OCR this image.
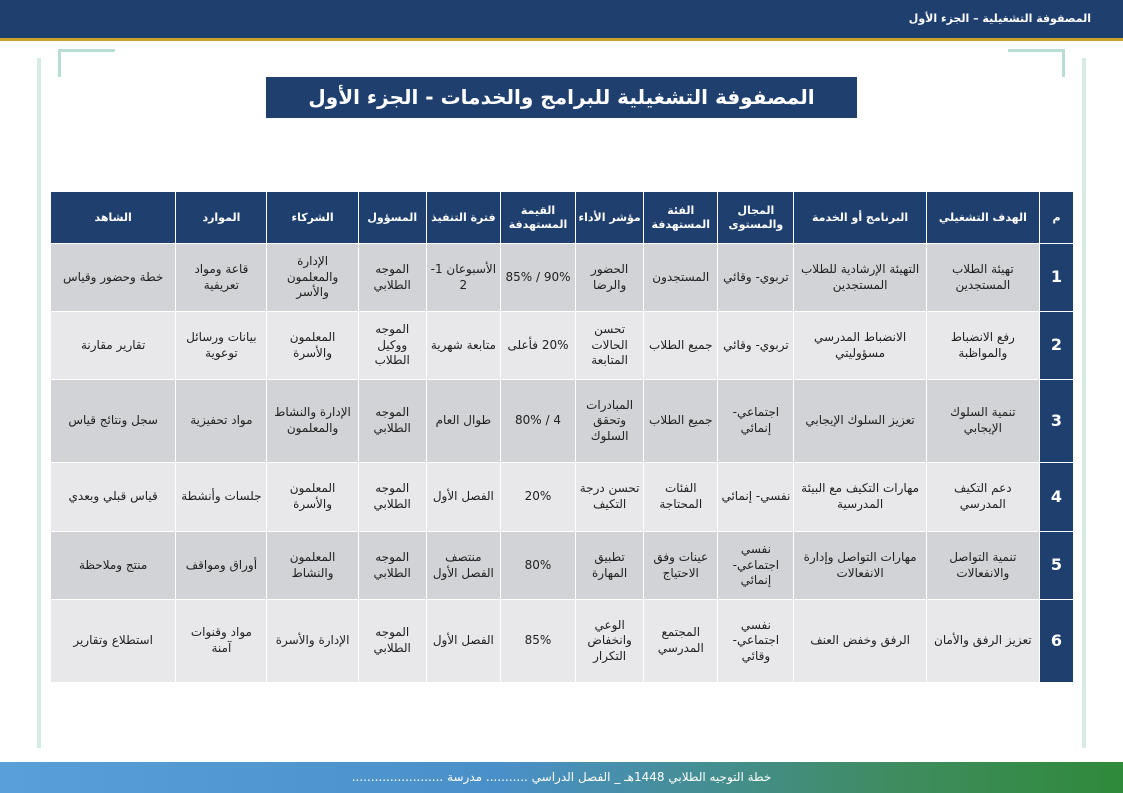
المصفوفة التشغيلية – الجزء الأول
المصفوفة التشغيلية للبرامج والخدمات - الجزء الأول
م	الهدف التشغيلي	البرنامج أو الخدمة	المجال والمستوى	الفئة المستهدفة	مؤشر الأداء	القيمة المستهدفة	فترة التنفيذ	المسؤول	الشركاء	الموارد	الشاهد
1	تهيئة الطلاب المستجدين	التهيئة الإرشادية للطلاب المستجدين	تربوي- وقائي	المستجدون	الحضور والرضا	90% / 85%	الأسبوعان 1-2	الموجه الطلابي	الإدارة والمعلمون والأسر	قاعة ومواد تعريفية	خطة وحضور وقياس
2	رفع الانضباط والمواظبة	الانضباط المدرسي مسؤوليتي	تربوي- وقائي	جميع الطلاب	تحسن الحالات المتابعة	20% فأعلى	متابعة شهرية	الموجه ووكيل الطلاب	المعلمون والأسرة	بيانات ورسائل توعوية	تقارير مقارنة
3	تنمية السلوك الإيجابي	تعزيز السلوك الإيجابي	اجتماعي- إنمائي	جميع الطلاب	المبادرات وتحقق السلوك	4 / 80%	طوال العام	الموجه الطلابي	الإدارة والنشاط والمعلمون	مواد تحفيزية	سجل ونتائج قياس
4	دعم التكيف المدرسي	مهارات التكيف مع البيئة المدرسية	نفسي- إنمائي	الفئات المحتاجة	تحسن درجة التكيف	20%	الفصل الأول	الموجه الطلابي	المعلمون والأسرة	جلسات وأنشطة	قياس قبلي وبعدي
5	تنمية التواصل والانفعالات	مهارات التواصل وإدارة الانفعالات	نفسي اجتماعي- إنمائي	عينات وفق الاحتياج	تطبيق المهارة	80%	منتصف الفصل الأول	الموجه الطلابي	المعلمون والنشاط	أوراق ومواقف	منتج وملاحظة
6	تعزيز الرفق والأمان	الرفق وخفض العنف	نفسي اجتماعي- وقائي	المجتمع المدرسي	الوعي وانخفاض التكرار	85%	الفصل الأول	الموجه الطلابي	الإدارة والأسرة	مواد وقنوات آمنة	استطلاع وتقارير
خطة التوجيه الطلابي 1448هـ _ الفصل الدراسي ........... مدرسة ........................
